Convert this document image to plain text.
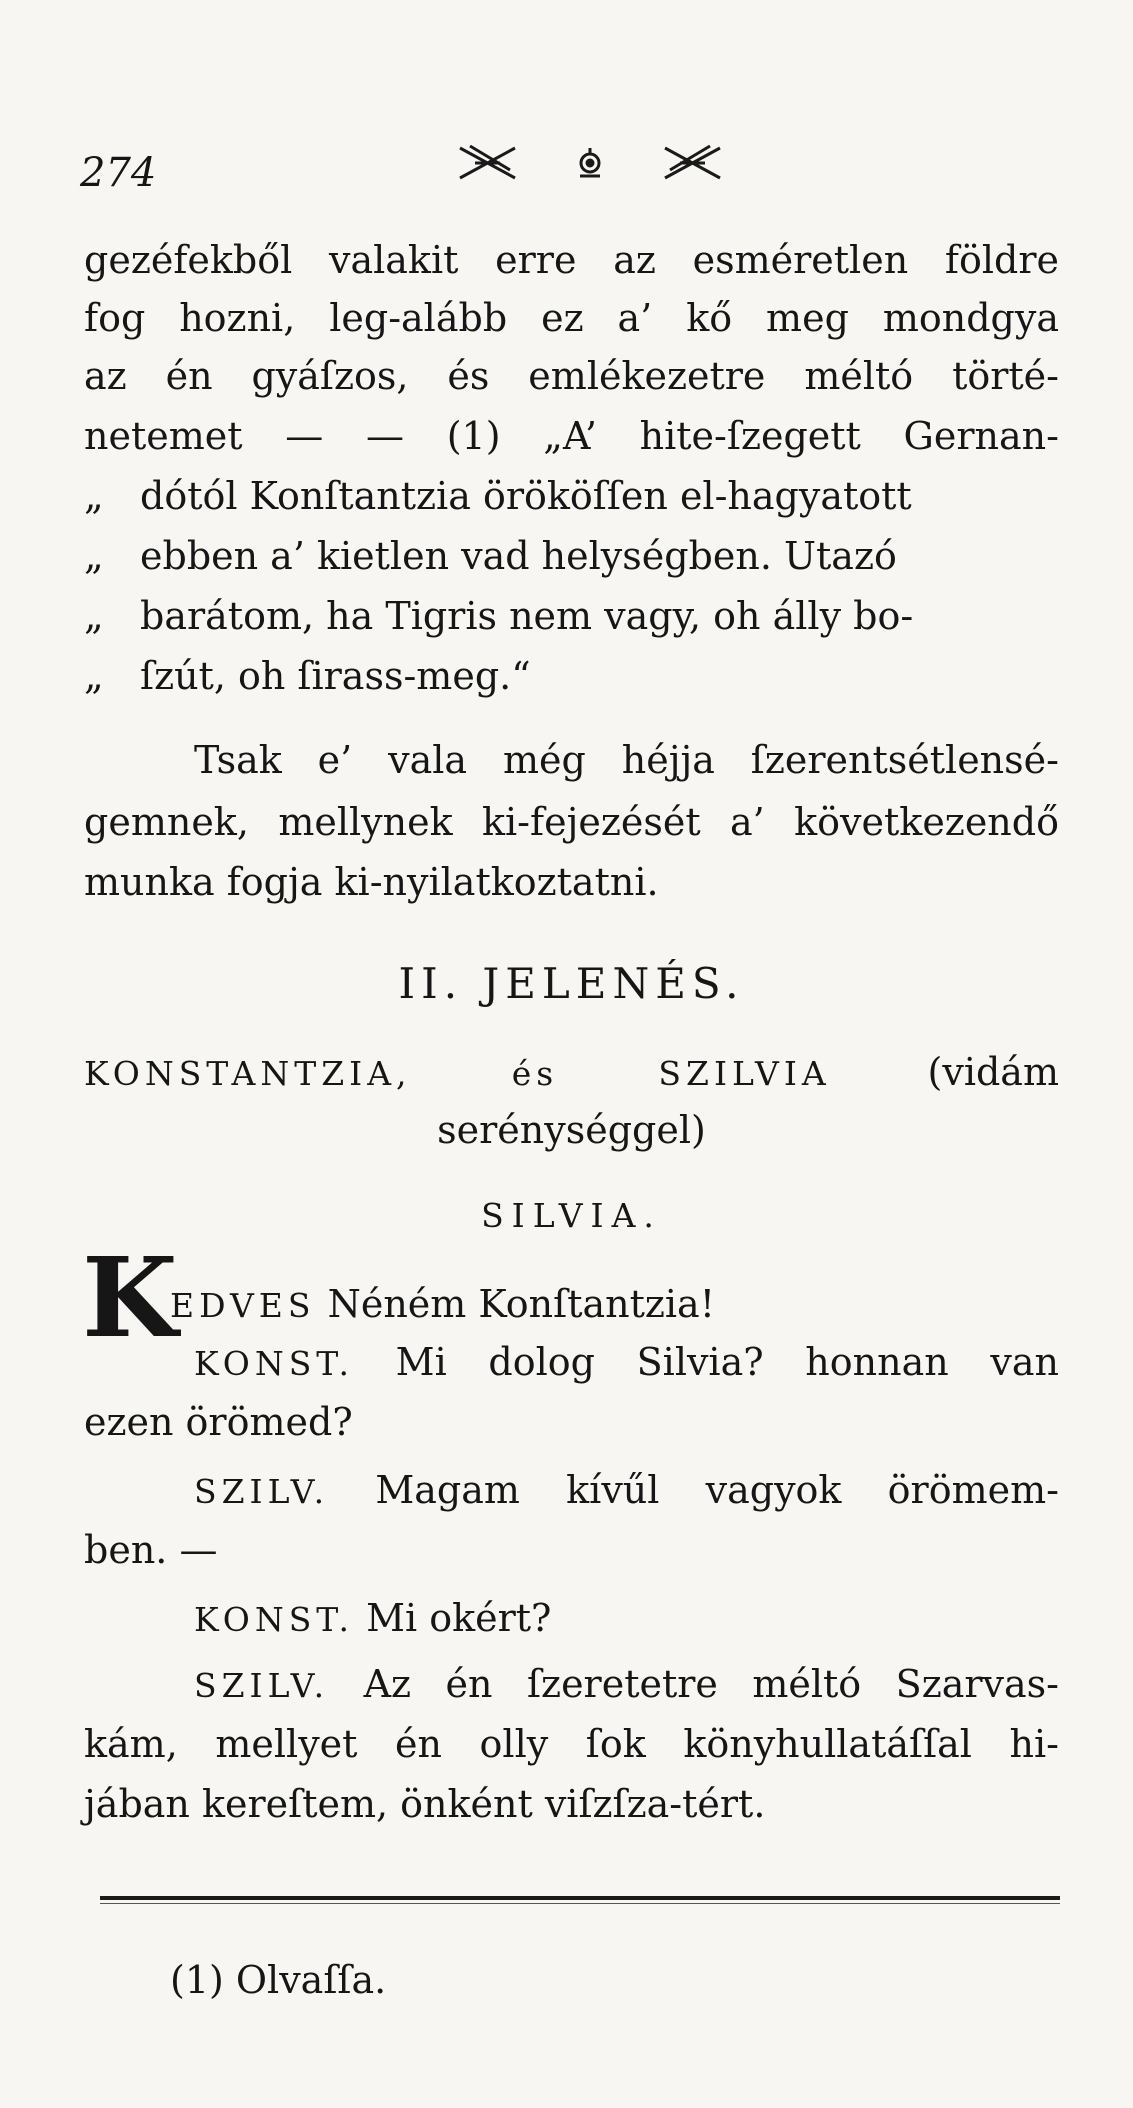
274
gezéfekből valakit erre az esméretlen földre
fog hozni, leg-alább ez a’ kő meg mondgya
az én gyáſzos, és emlékezetre méltó törté-
netemet — — (1) „A’ hite-ſzegett Gernan-
„ dótól Konſtantzia örököſſen el-hagyatott
„ ebben a’ kietlen vad helységben. Utazó
„ barátom, ha Tigris nem vagy, oh álly bo-
„ ſzút, oh ſirass-meg.“
Tsak e’ vala még héjja ſzerentsétlensé-
gemnek, mellynek ki-fejezését a’ következendő
munka fogja ki-nyilatkoztatni.
II. JELENÉS.
KONSTANTZIA, és SZILVIA	(vidám
serénységgel)
SILVIA.
K
EDVES Néném Konſtantzia!
KONST. Mi dolog Silvia? honnan van
ezen örömed?
SZILV. Magam kívűl vagyok örömem-
ben. —
KONST. Mi okért?
SZILV. Az én ſzeretetre méltó Szarvas-
kám, mellyet én olly ſok könyhullatáſſal hi-
jában kereſtem, önként viſzſza-tért.
(1) Olvaſſa.
